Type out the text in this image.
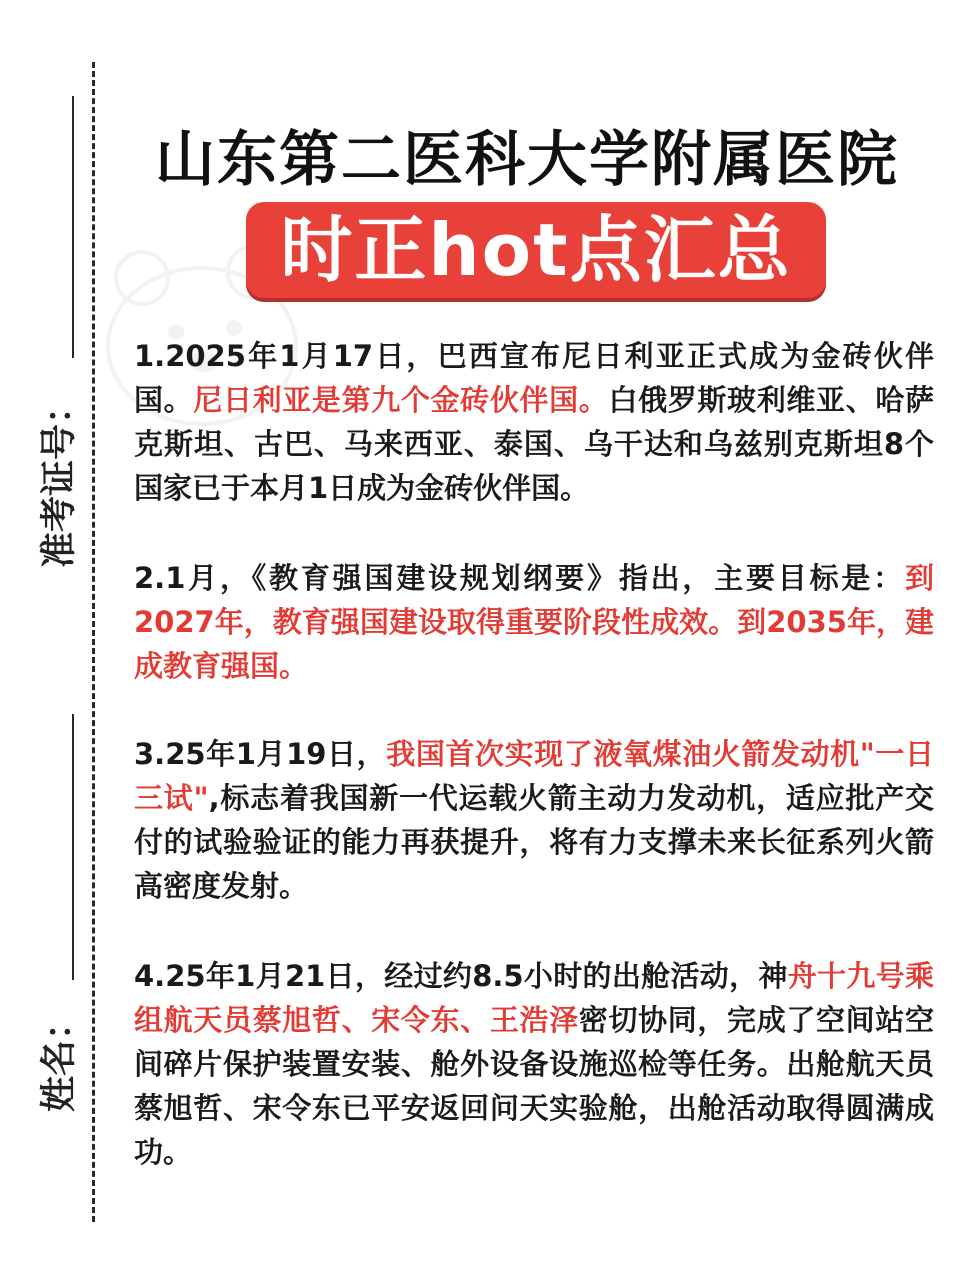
准考证号：
姓名：
山东第二医科大学附属医院
时正hot点汇总

1.2025年1月17日，巴西宣布尼日利亚正式成为金砖伙伴国。尼日利亚是第九个金砖伙伴国。白俄罗斯玻利维亚、哈萨克斯坦、古巴、马来西亚、泰国、乌干达和乌兹别克斯坦8个国家已于本月1日成为金砖伙伴国。

2.1月，《教育强国建设规划纲要》指出，主要目标是：到2027年，教育强国建设取得重要阶段性成效。到2035年，建成教育强国。

3.25年1月19日，我国首次实现了液氧煤油火箭发动机"一日三试",标志着我国新一代运载火箭主动力发动机，适应批产交付的试验验证的能力再获提升，将有力支撑未来长征系列火箭高密度发射。

4.25年1月21日，经过约8.5小时的出舱活动，神舟十九号乘组航天员蔡旭哲、宋令东、王浩泽密切协同，完成了空间站空间碎片保护装置安装、舱外设备设施巡检等任务。出舱航天员蔡旭哲、宋令东已平安返回问天实验舱，出舱活动取得圆满成功。
